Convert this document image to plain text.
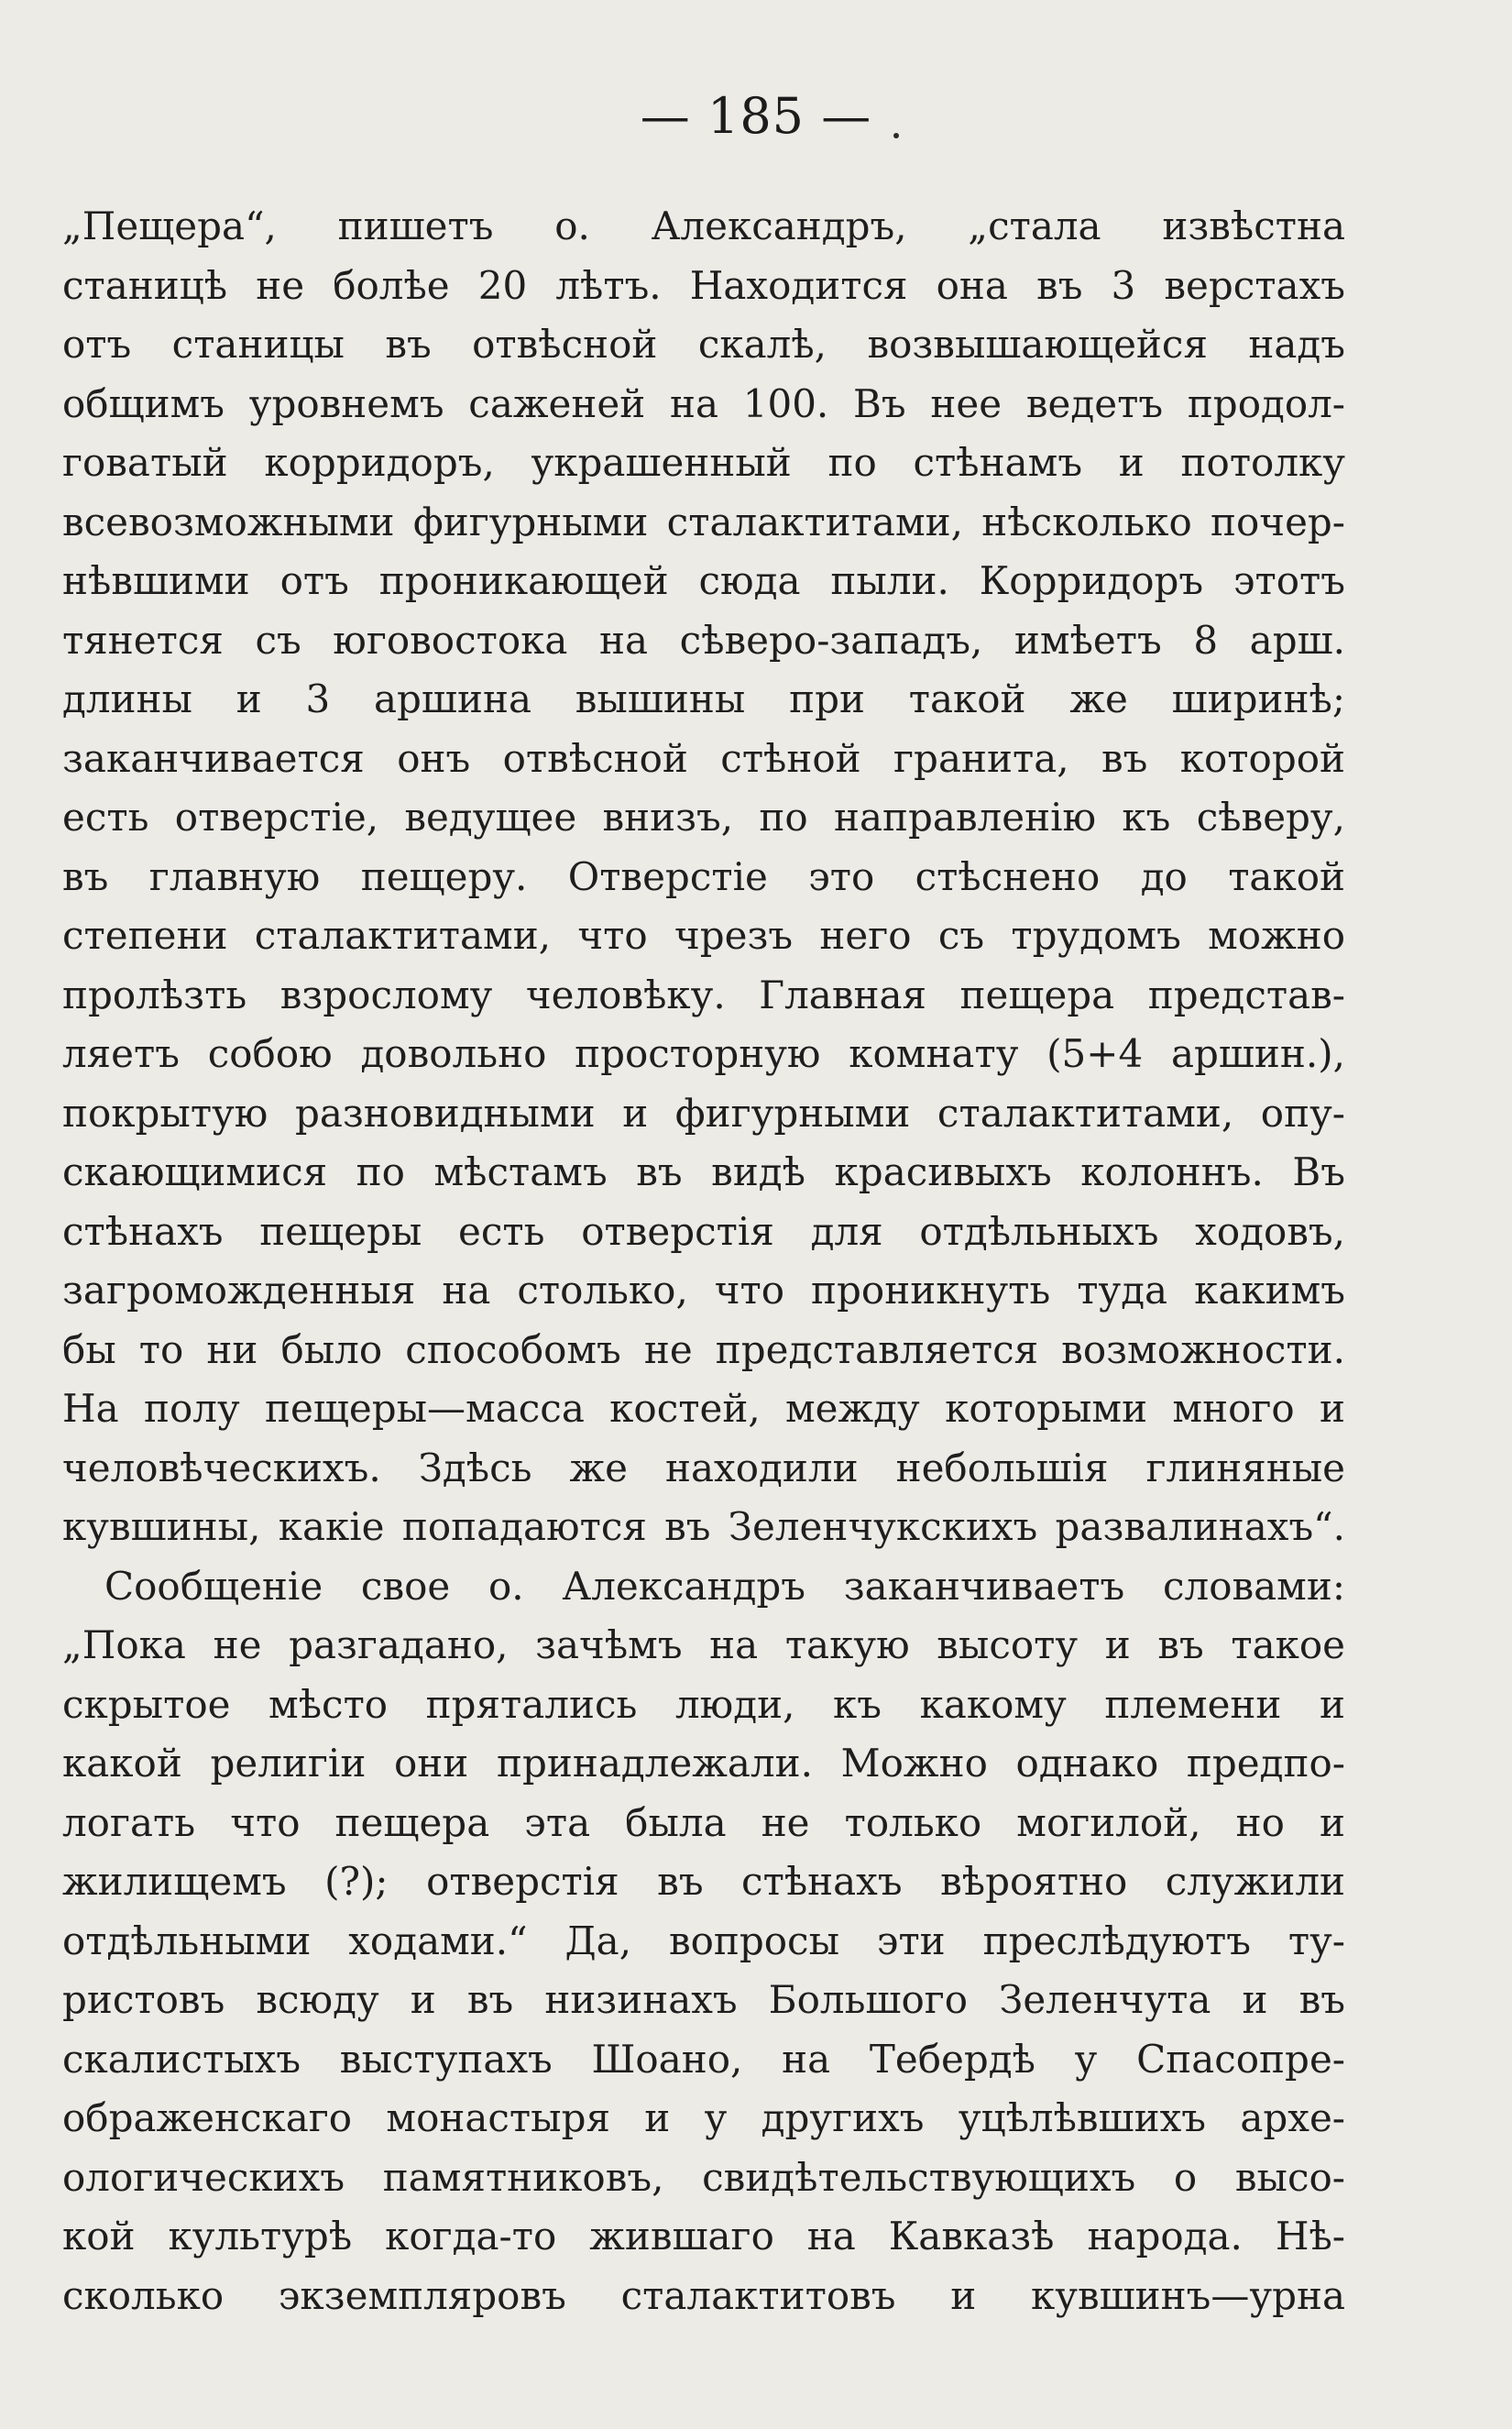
— 185 —
„Пещера“, пишетъ о. Александръ, „стала извѣстна
станицѣ не болѣе 20 лѣтъ. Находится она въ 3 верстахъ
отъ станицы въ отвѣсной скалѣ, возвышающейся надъ
общимъ уровнемъ саженей на 100. Въ нее ведетъ продол-
говатый корридоръ, украшенный по стѣнамъ и потолку
всевозможными фигурными сталактитами, нѣсколько почер-
нѣвшими отъ проникающей сюда пыли. Корридоръ этотъ
тянется съ юговостока на сѣверо-западъ, имѣетъ 8 арш.
длины и 3 аршина вышины при такой же ширинѣ;
заканчивается онъ отвѣсной стѣной гранита, въ которой
есть отверстіе, ведущее внизъ, по направленію къ сѣверу,
въ главную пещеру. Отверстіе это стѣснено до такой
степени сталактитами, что чрезъ него съ трудомъ можно
пролѣзть взрослому человѣку. Главная пещера представ-
ляетъ собою довольно просторную комнату (5+4 аршин.),
покрытую разновидными и фигурными сталактитами, опу-
скающимися по мѣстамъ въ видѣ красивыхъ колоннъ. Въ
стѣнахъ пещеры есть отверстія для отдѣльныхъ ходовъ,
загроможденныя на столько, что проникнуть туда какимъ
бы то ни было способомъ не представляется возможности.
На полу пещеры—масса костей, между которыми много и
человѣческихъ. Здѣсь же находили небольшія глиняные
кувшины, какіе попадаются въ Зеленчукскихъ развалинахъ“.
Сообщеніе свое о. Александръ заканчиваетъ словами:
„Пока не разгадано, зачѣмъ на такую высоту и въ такое
скрытое мѣсто прятались люди, къ какому племени и
какой религіи они принадлежали. Можно однако предпо-
логать что пещера эта была не только могилой, но и
жилищемъ (?); отверстія въ стѣнахъ вѣроятно служили
отдѣльными ходами.“ Да, вопросы эти преслѣдуютъ ту-
ристовъ всюду и въ низинахъ Большого Зеленчута и въ
скалистыхъ выступахъ Шоано, на Тебердѣ у Спасопре-
ображенскаго монастыря и у другихъ уцѣлѣвшихъ архе-
ологическихъ памятниковъ, свидѣтельствующихъ о высо-
кой культурѣ когда-то жившаго на Кавказѣ народа. Нѣ-
сколько экземпляровъ сталактитовъ и кувшинъ—урна
